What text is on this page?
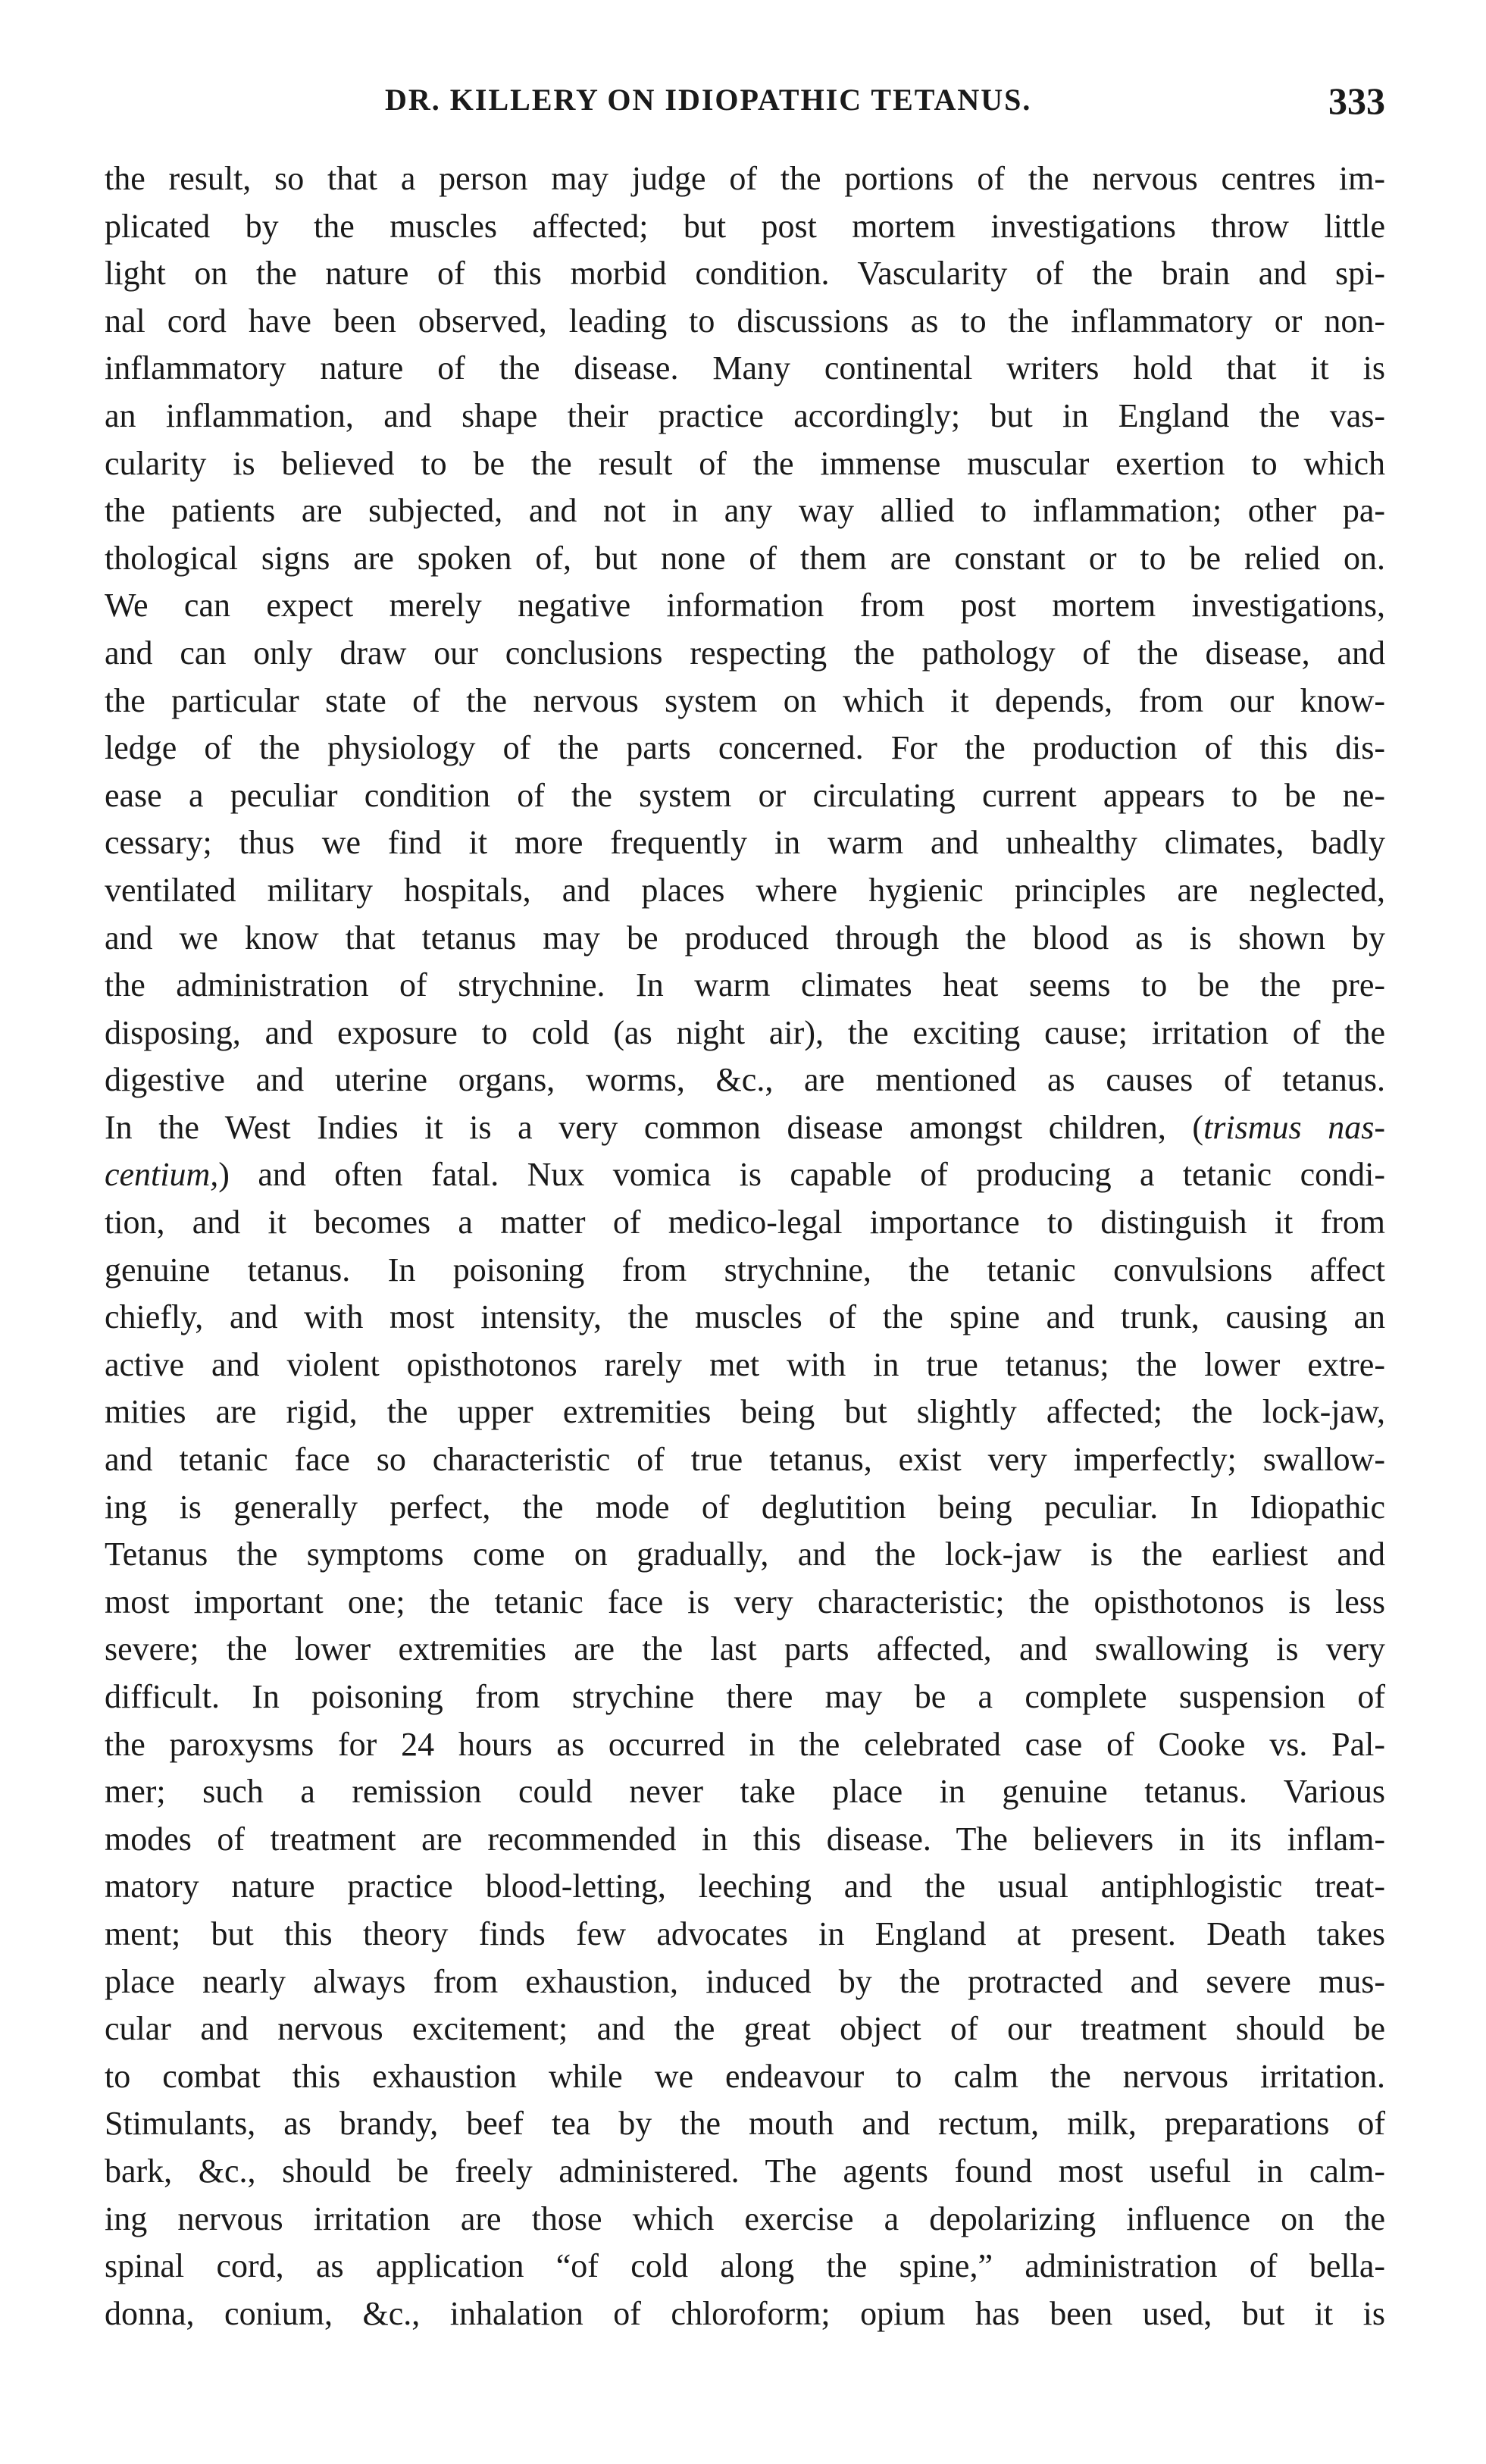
DR. KILLERY ON IDIOPATHIC TETANUS.	333
the result, so that a person may judge of the portions of the nervous centres im-
plicated by the muscles affected; but post mortem investigations throw little
light on the nature of this morbid condition. Vascularity of the brain and spi-
nal cord have been observed, leading to discussions as to the inflammatory or non-
inflammatory nature of the disease. Many continental writers hold that it is
an inflammation, and shape their practice accordingly; but in England the vas-
cularity is believed to be the result of the immense muscular exertion to which
the patients are subjected, and not in any way allied to inflammation; other pa-
thological signs are spoken of, but none of them are constant or to be relied on.
We can expect merely negative information from post mortem investigations,
and can only draw our conclusions respecting the pathology of the disease, and
the particular state of the nervous system on which it depends, from our know-
ledge of the physiology of the parts concerned. For the production of this dis-
ease a peculiar condition of the system or circulating current appears to be ne-
cessary; thus we find it more frequently in warm and unhealthy climates, badly
ventilated military hospitals, and places where hygienic principles are neglected,
and we know that tetanus may be produced through the blood as is shown by
the administration of strychnine. In warm climates heat seems to be the pre-
disposing, and exposure to cold (as night air), the exciting cause; irritation of the
digestive and uterine organs, worms, &c., are mentioned as causes of tetanus.
In the West Indies it is a very common disease amongst children, (trismus nas-
centium,) and often fatal. Nux vomica is capable of producing a tetanic condi-
tion, and it becomes a matter of medico-legal importance to distinguish it from
genuine tetanus. In poisoning from strychnine, the tetanic convulsions affect
chiefly, and with most intensity, the muscles of the spine and trunk, causing an
active and violent opisthotonos rarely met with in true tetanus; the lower extre-
mities are rigid, the upper extremities being but slightly affected; the lock-jaw,
and tetanic face so characteristic of true tetanus, exist very imperfectly; swallow-
ing is generally perfect, the mode of deglutition being peculiar. In Idiopathic
Tetanus the symptoms come on gradually, and the lock-jaw is the earliest and
most important one; the tetanic face is very characteristic; the opisthotonos is less
severe; the lower extremities are the last parts affected, and swallowing is very
difficult. In poisoning from strychine there may be a complete suspension of
the paroxysms for 24 hours as occurred in the celebrated case of Cooke vs. Pal-
mer; such a remission could never take place in genuine tetanus. Various
modes of treatment are recommended in this disease. The believers in its inflam-
matory nature practice blood-letting, leeching and the usual antiphlogistic treat-
ment; but this theory finds few advocates in England at present. Death takes
place nearly always from exhaustion, induced by the protracted and severe mus-
cular and nervous excitement; and the great object of our treatment should be
to combat this exhaustion while we endeavour to calm the nervous irritation.
Stimulants, as brandy, beef tea by the mouth and rectum, milk, preparations of
bark, &c., should be freely administered. The agents found most useful in calm-
ing nervous irritation are those which exercise a depolarizing influence on the
spinal cord, as application “of cold along the spine,” administration of bella-
donna, conium, &c., inhalation of chloroform; opium has been used, but it is
